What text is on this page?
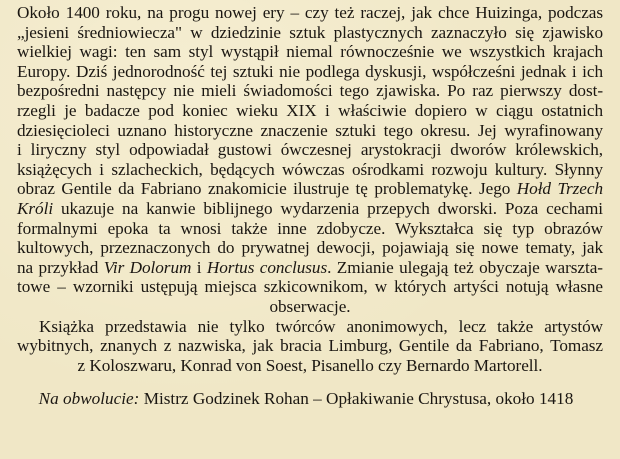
Około 1400 roku, na progu nowej ery – czy też raczej, jak chce Huizinga, podczas
„jesieni średniowiecza" w dziedzinie sztuk plastycznych zaznaczyło się zjawisko
wielkiej wagi: ten sam styl wystąpił niemal równocześnie we wszystkich krajach
Europy. Dziś jednorodność tej sztuki nie podlega dyskusji, współcześni jednak i ich
bezpośredni następcy nie mieli świadomości tego zjawiska. Po raz pierwszy dost-
rzegli je badacze pod koniec wieku XIX i właściwie dopiero w ciągu ostatnich
dziesięcioleci uznano historyczne znaczenie sztuki tego okresu. Jej wyrafinowany
i liryczny styl odpowiadał gustowi ówczesnej arystokracji dworów królewskich,
książęcych i szlacheckich, będących wówczas ośrodkami rozwoju kultury. Słynny
obraz Gentile da Fabriano znakomicie ilustruje tę problematykę. Jego Hołd Trzech
Króli ukazuje na kanwie biblijnego wydarzenia przepych dworski. Poza cechami
formalnymi epoka ta wnosi także inne zdobycze. Wykształca się typ obrazów
kultowych, przeznaczonych do prywatnej dewocji, pojawiają się nowe tematy, jak
na przykład Vir Dolorum i Hortus conclusus. Zmianie ulegają też obyczaje warszta-
towe – wzorniki ustępują miejsca szkicownikom, w których artyści notują własne
obserwacje.
Książka przedstawia nie tylko twórców anonimowych, lecz także artystów
wybitnych, znanych z nazwiska, jak bracia Limburg, Gentile da Fabriano, Tomasz
z Koloszwaru, Konrad von Soest, Pisanello czy Bernardo Martorell.
Na obwolucie: Mistrz Godzinek Rohan – Opłakiwanie Chrystusa, około 1418
